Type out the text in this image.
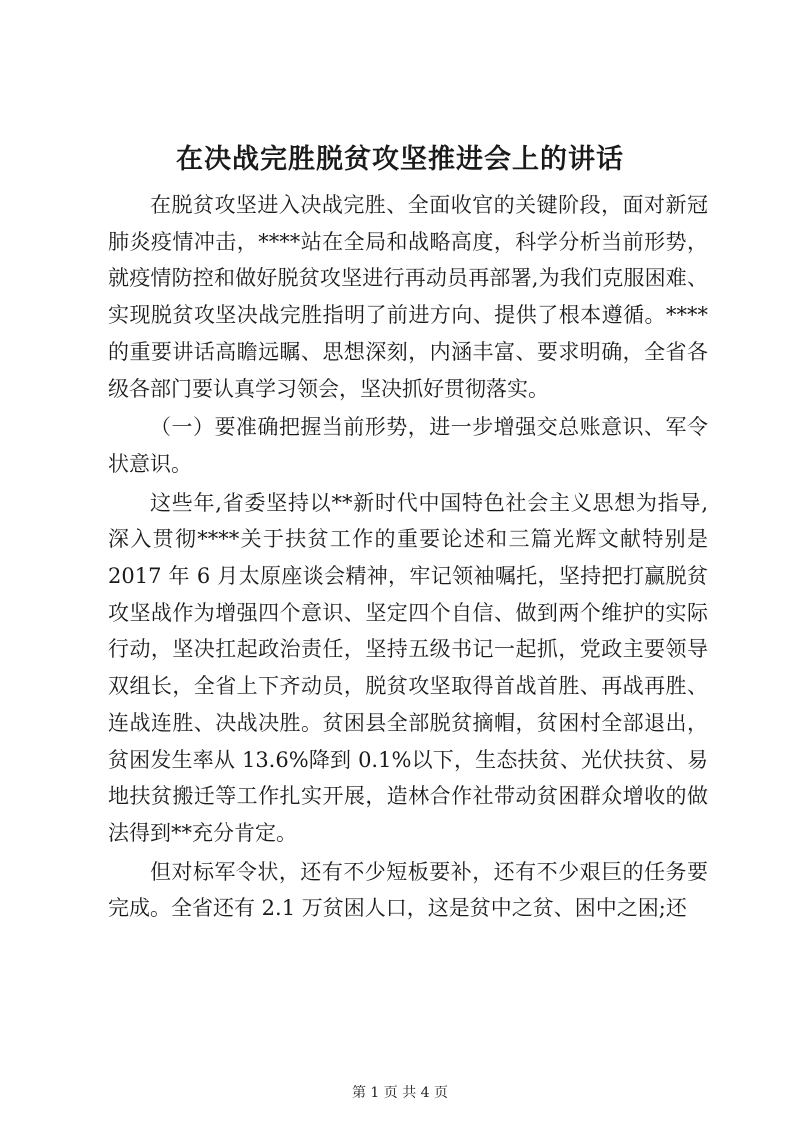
在决战完胜脱贫攻坚推进会上的讲话

在脱贫攻坚进入决战完胜、全面收官的关键阶段，面对新冠肺炎疫情冲击，****站在全局和战略高度，科学分析当前形势，就疫情防控和做好脱贫攻坚进行再动员再部署,为我们克服困难、实现脱贫攻坚决战完胜指明了前进方向、提供了根本遵循。****的重要讲话高瞻远瞩、思想深刻，内涵丰富、要求明确，全省各级各部门要认真学习领会，坚决抓好贯彻落实。

（一）要准确把握当前形势，进一步增强交总账意识、军令状意识。

这些年,省委坚持以**新时代中国特色社会主义思想为指导,深入贯彻****关于扶贫工作的重要论述和三篇光辉文献特别是2017 年 6 月太原座谈会精神，牢记领袖嘱托，坚持把打赢脱贫攻坚战作为增强四个意识、坚定四个自信、做到两个维护的实际行动，坚决扛起政治责任，坚持五级书记一起抓，党政主要领导双组长，全省上下齐动员，脱贫攻坚取得首战首胜、再战再胜、连战连胜、决战决胜。贫困县全部脱贫摘帽，贫困村全部退出，贫困发生率从 13.6%降到 0.1%以下，生态扶贫、光伏扶贫、易地扶贫搬迁等工作扎实开展，造林合作社带动贫困群众增收的做法得到**充分肯定。

但对标军令状，还有不少短板要补，还有不少艰巨的任务要完成。全省还有 2.1 万贫困人口，这是贫中之贫、困中之困;还

第 1 页 共 4 页
